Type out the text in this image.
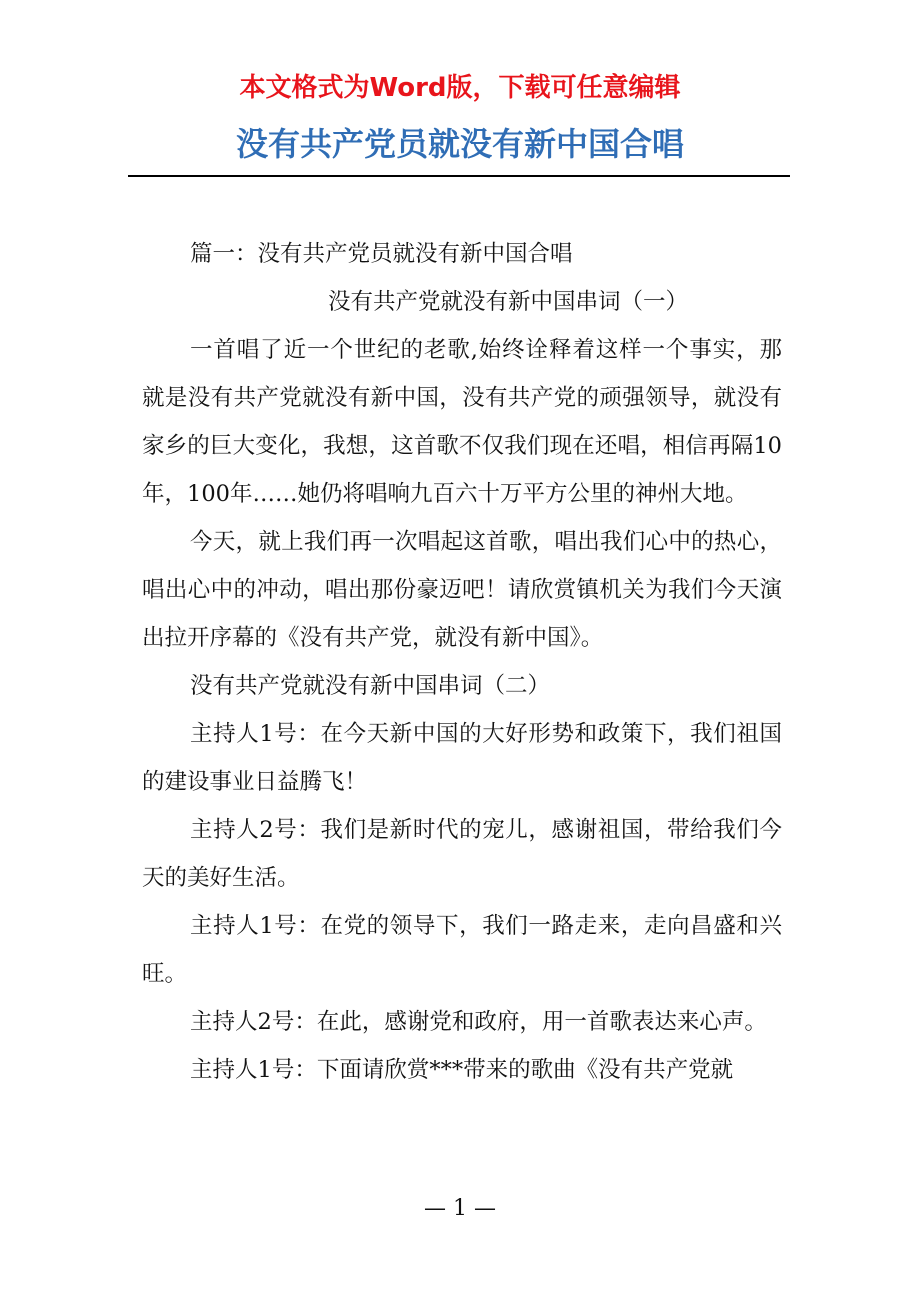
本文格式为Word版，下载可任意编辑
没有共产党员就没有新中国合唱

篇一：没有共产党员就没有新中国合唱

没有共产党就没有新中国串词（一）

一首唱了近一个世纪的老歌,始终诠释着这样一个事实，那就是没有共产党就没有新中国，没有共产党的顽强领导，就没有家乡的巨大变化，我想，这首歌不仅我们现在还唱，相信再隔10年，100年……她仍将唱响九百六十万平方公里的神州大地。

今天，就上我们再一次唱起这首歌，唱出我们心中的热心，唱出心中的冲动，唱出那份豪迈吧！请欣赏镇机关为我们今天演出拉开序幕的《没有共产党，就没有新中国》。

没有共产党就没有新中国串词（二）

主持人1号：在今天新中国的大好形势和政策下，我们祖国的建设事业日益腾飞！

主持人2号：我们是新时代的宠儿，感谢祖国，带给我们今天的美好生活。

主持人1号：在党的领导下，我们一路走来，走向昌盛和兴旺。

主持人2号：在此，感谢党和政府，用一首歌表达来心声。

主持人1号：下面请欣赏***带来的歌曲《没有共产党就

— 1 —
